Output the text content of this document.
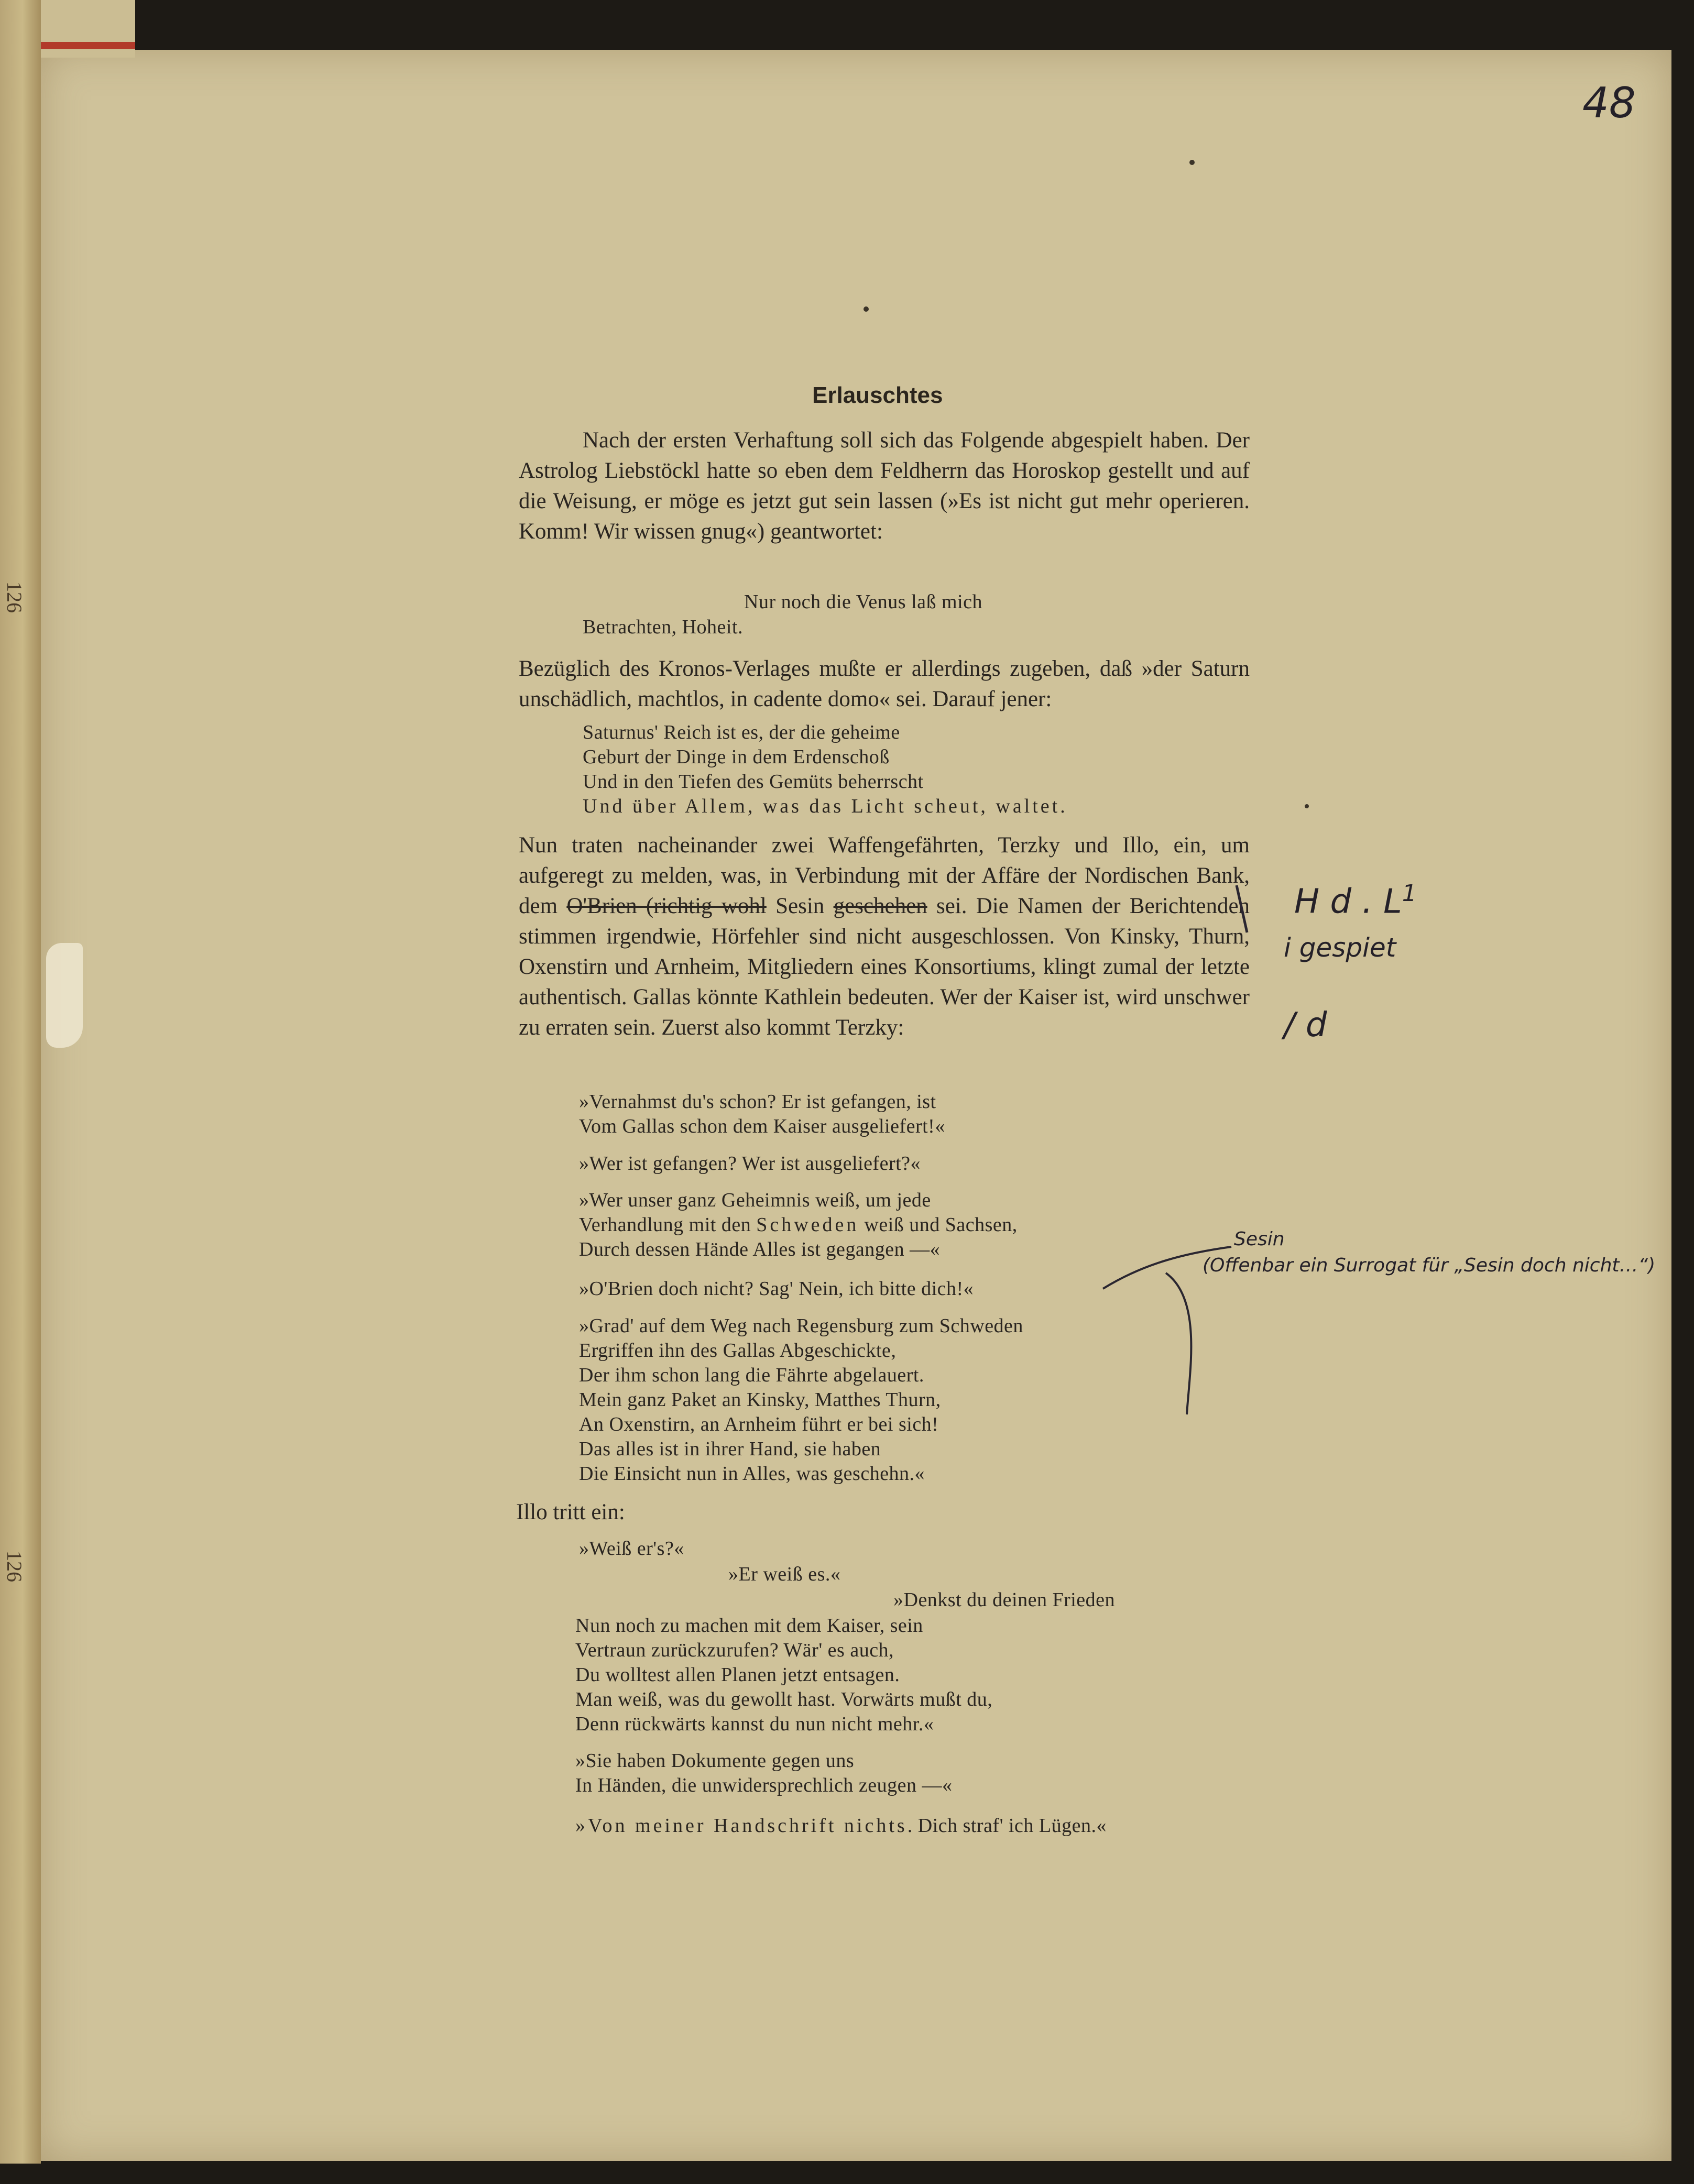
126
126
48
Erlauschtes

Nach der ersten Verhaftung soll sich das Folgende abgespielt haben. Der Astrolog Liebstöckl hatte so eben dem Feldherrn das Horoskop gestellt und auf die Weisung, er möge es jetzt gut sein lassen (»Es ist nicht gut mehr operieren. Komm! Wir wissen gnug«) geantwortet:

Nur noch die Venus laß mich
Betrachten, Hoheit.

Bezüglich des Kronos-Verlages mußte er allerdings zugeben, daß »der Saturn unschädlich, machtlos, in cadente domo« sei. Darauf jener:

Saturnus' Reich ist es, der die geheime
Geburt der Dinge in dem Erdenschoß
Und in den Tiefen des Gemüts beherrscht
Und über Allem, was das Licht scheut, waltet.

Nun traten nacheinander zwei Waffengefährten, Terzky und Illo, ein, um aufgeregt zu melden, was, in Verbindung mit der Affäre der Nordischen Bank, dem O'Brien (richtig wohl Sesin geschehen sei. Die Namen der Berichtenden stimmen irgendwie, Hörfehler sind nicht ausgeschlossen. Von Kinsky, Thurn, Oxenstirn und Arnheim, Mitgliedern eines Konsortiums, klingt zumal der letzte authentisch. Gallas könnte Kathlein bedeuten. Wer der Kaiser ist, wird unschwer zu erraten sein. Zuerst also kommt Terzky:

»Vernahmst du's schon? Er ist gefangen, ist
Vom Gallas schon dem Kaiser ausgeliefert!«
»Wer ist gefangen? Wer ist ausgeliefert?«
»Wer unser ganz Geheimnis weiß, um jede
Verhandlung mit den Schweden weiß und Sachsen,
Durch dessen Hände Alles ist gegangen —«
»O'Brien doch nicht? Sag' Nein, ich bitte dich!«
»Grad' auf dem Weg nach Regensburg zum Schweden
Ergriffen ihn des Gallas Abgeschickte,
Der ihm schon lang die Fährte abgelauert.
Mein ganz Paket an Kinsky, Matthes Thurn,
An Oxenstirn, an Arnheim führt er bei sich!
Das alles ist in ihrer Hand, sie haben
Die Einsicht nun in Alles, was geschehn.«

Illo tritt ein:

»Weiß er's?«
»Er weiß es.«
»Denkst du deinen Frieden
Nun noch zu machen mit dem Kaiser, sein
Vertraun zurückzurufen? Wär' es auch,
Du wolltest allen Planen jetzt entsagen.
Man weiß, was du gewollt hast. Vorwärts mußt du,
Denn rückwärts kannst du nun nicht mehr.«
»Sie haben Dokumente gegen uns
In Händen, die unwidersprechlich zeugen —«
»Von meiner Handschrift nichts. Dich straf' ich Lügen.«
H d . $L^1$
i gespiet
/ d
Sesin
(Offenbar ein Surrogat für „Sesin doch nicht…“)
